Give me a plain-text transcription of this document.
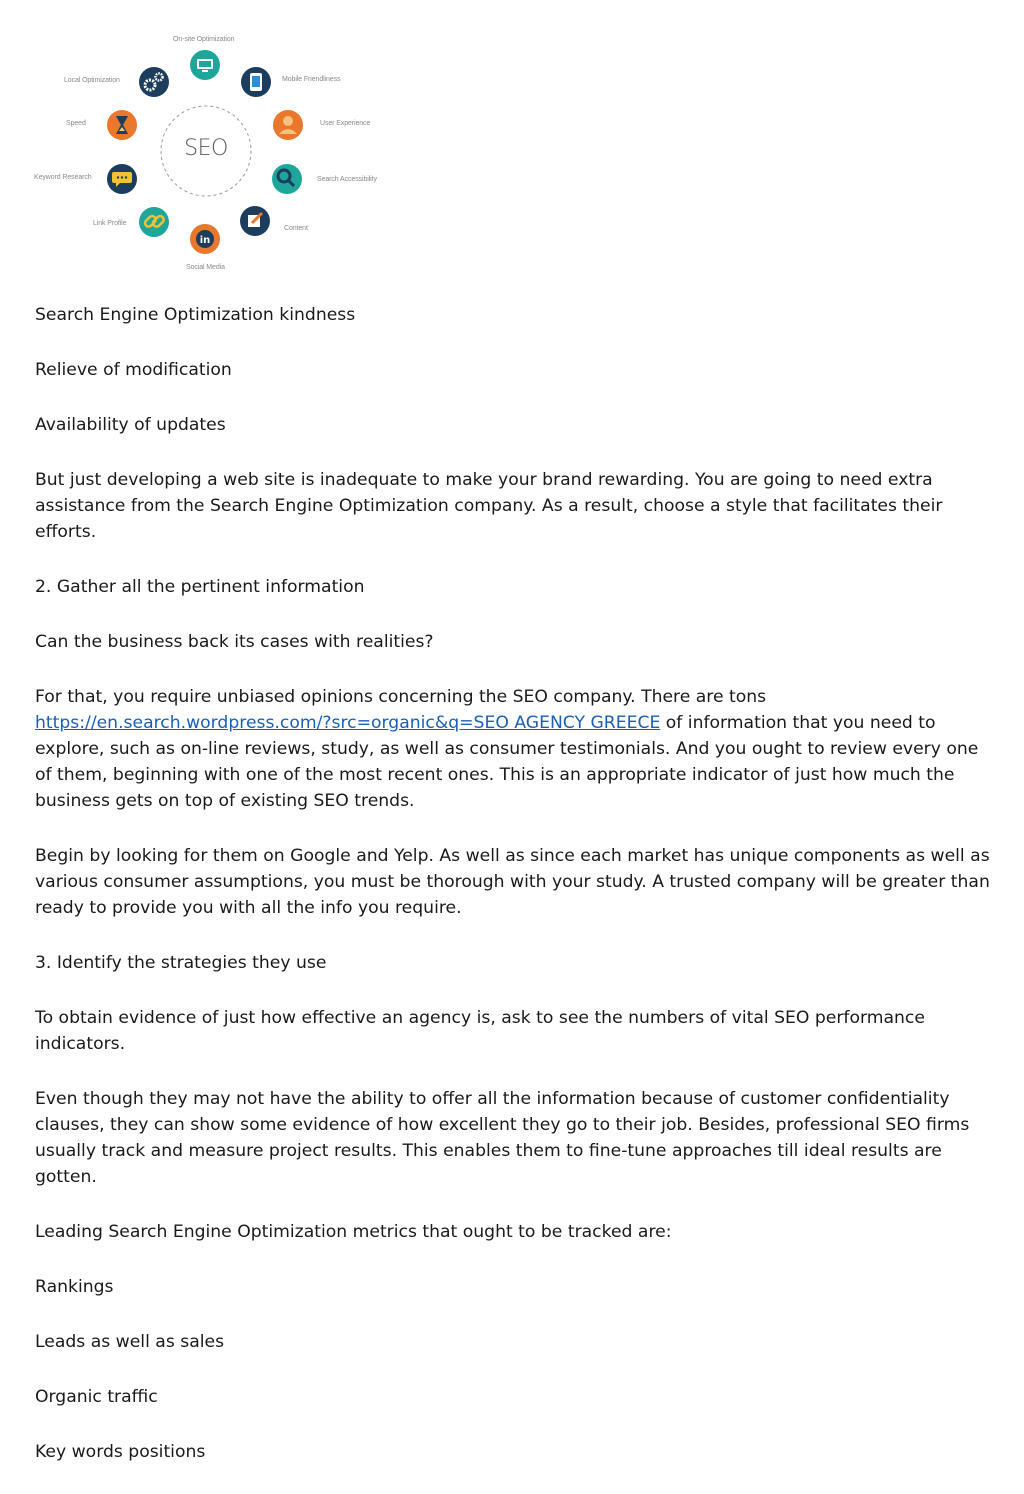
in
SEO
On-site Optimization
Mobile Friendliness
User Experience
Search Accessibility
Content
Social Media
Link Profile
Keyword Research
Speed
Local Optimization

Search Engine Optimization kindness

Relieve of modification

Availability of updates

But just developing a web site is inadequate to make your brand rewarding. You are going to need extra assistance from the Search Engine Optimization company. As a result, choose a style that facilitates their efforts.

2. Gather all the pertinent information

Can the business back its cases with realities?

For that, you require unbiased opinions concerning the SEO company. There are tons https://en.search.wordpress.com/?src=organic&q=SEO AGENCY GREECE of information that you need to explore, such as on-line reviews, study, as well as consumer testimonials. And you ought to review every one of them, beginning with one of the most recent ones. This is an appropriate indicator of just how much the business gets on top of existing SEO trends.

Begin by looking for them on Google and Yelp. As well as since each market has unique components as well as various consumer assumptions, you must be thorough with your study. A trusted company will be greater than ready to provide you with all the info you require.

3. Identify the strategies they use

To obtain evidence of just how effective an agency is, ask to see the numbers of vital SEO performance indicators.

Even though they may not have the ability to offer all the information because of customer confidentiality clauses, they can show some evidence of how excellent they go to their job. Besides, professional SEO firms usually track and measure project results. This enables them to fine-tune approaches till ideal results are gotten.

Leading Search Engine Optimization metrics that ought to be tracked are:

Rankings

Leads as well as sales

Organic traffic

Key words positions
